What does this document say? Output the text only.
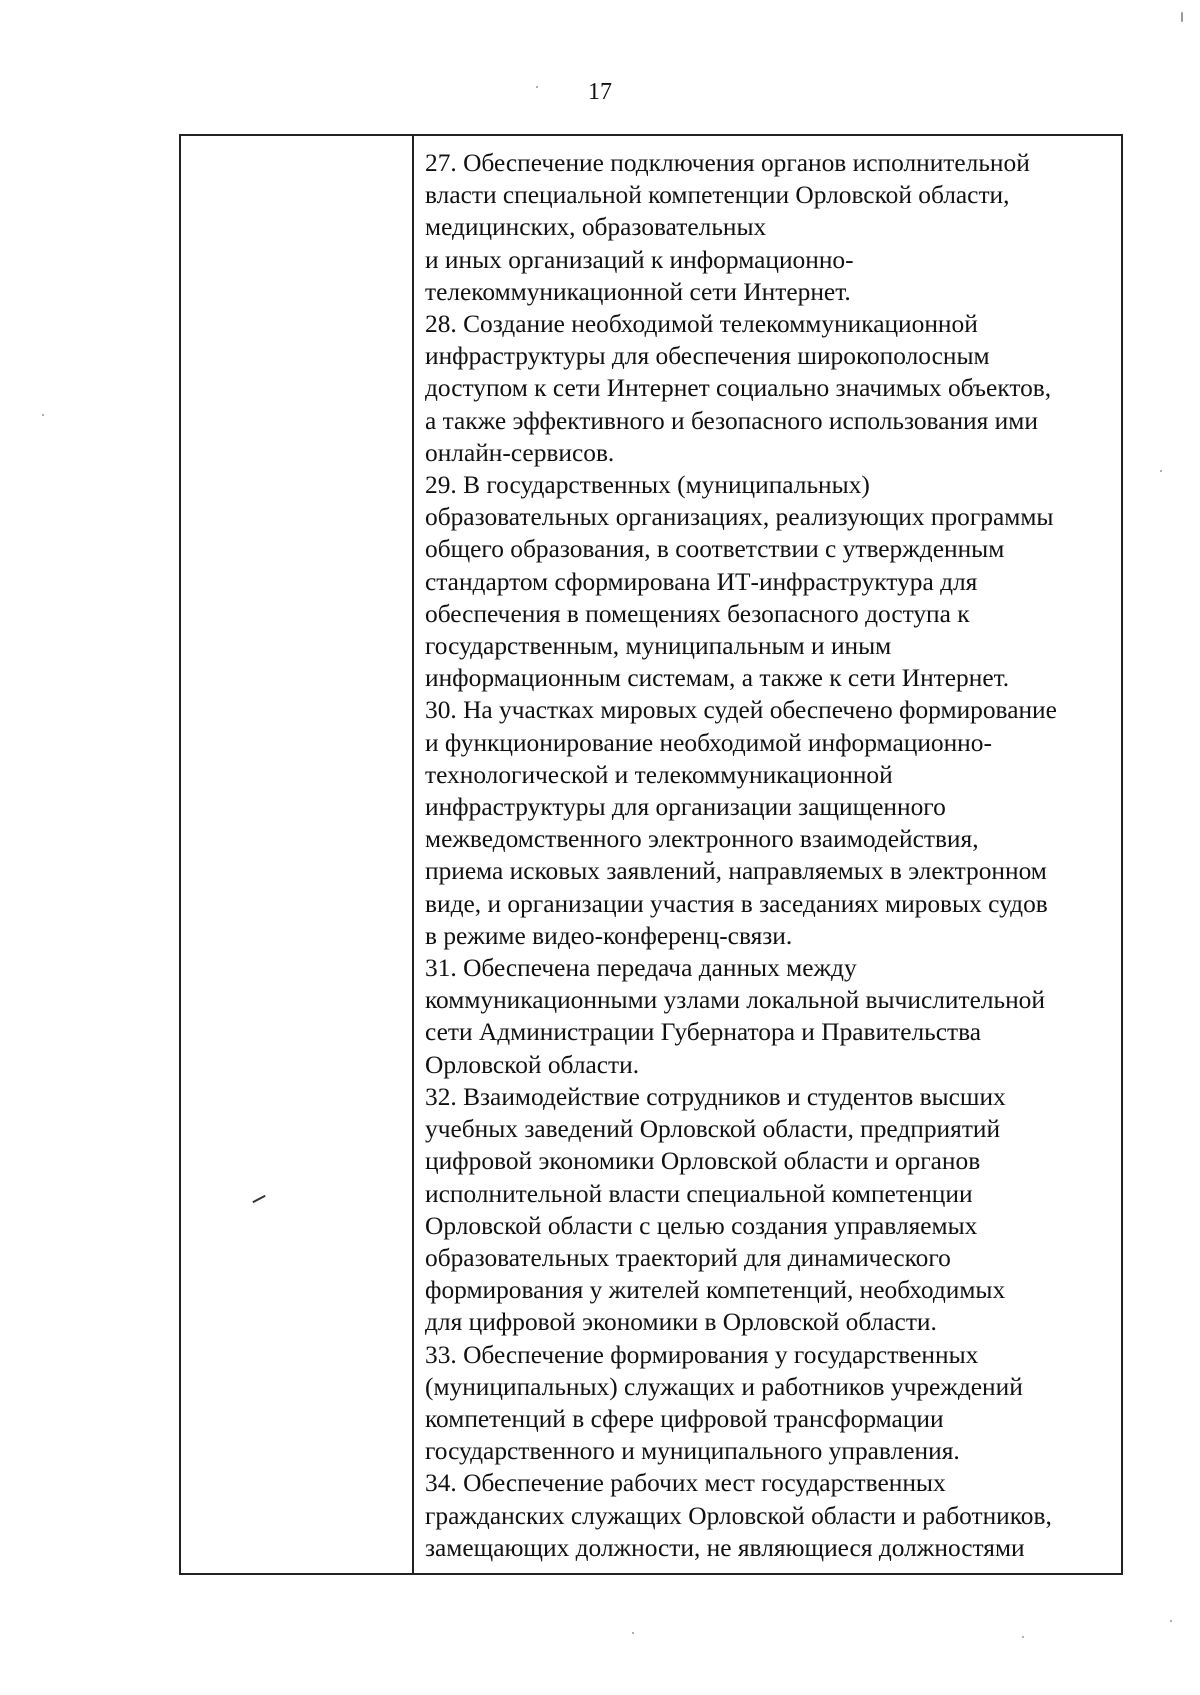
17
27. Обеспечение подключения органов исполнительной
власти специальной компетенции Орловской области,
медицинских, образовательных
и иных организаций к информационно-
телекоммуникационной сети Интернет.
28. Создание необходимой телекоммуникационной
инфраструктуры для обеспечения широкополосным
доступом к сети Интернет социально значимых объектов,
а также эффективного и безопасного использования ими
онлайн-сервисов.
29. В государственных (муниципальных)
образовательных организациях, реализующих программы
общего образования, в соответствии с утвержденным
стандартом сформирована ИТ-инфраструктура для
обеспечения в помещениях безопасного доступа к
государственным, муниципальным и иным
информационным системам, а также к сети Интернет.
30. На участках мировых судей обеспечено формирование
и функционирование необходимой информационно-
технологической и телекоммуникационной
инфраструктуры для организации защищенного
межведомственного электронного взаимодействия,
приема исковых заявлений, направляемых в электронном
виде, и организации участия в заседаниях мировых судов
в режиме видео-конференц-связи.
31. Обеспечена передача данных между
коммуникационными узлами локальной вычислительной
сети Администрации Губернатора и Правительства
Орловской области.
32. Взаимодействие сотрудников и студентов высших
учебных заведений Орловской области, предприятий
цифровой экономики Орловской области и органов
исполнительной власти специальной компетенции
Орловской области с целью создания управляемых
образовательных траекторий для динамического
формирования у жителей компетенций, необходимых
для цифровой экономики в Орловской области.
33. Обеспечение формирования у государственных
(муниципальных) служащих и работников учреждений
компетенций в сфере цифровой трансформации
государственного и муниципального управления.
34. Обеспечение рабочих мест государственных
гражданских служащих Орловской области и работников,
замещающих должности, не являющиеся должностями
